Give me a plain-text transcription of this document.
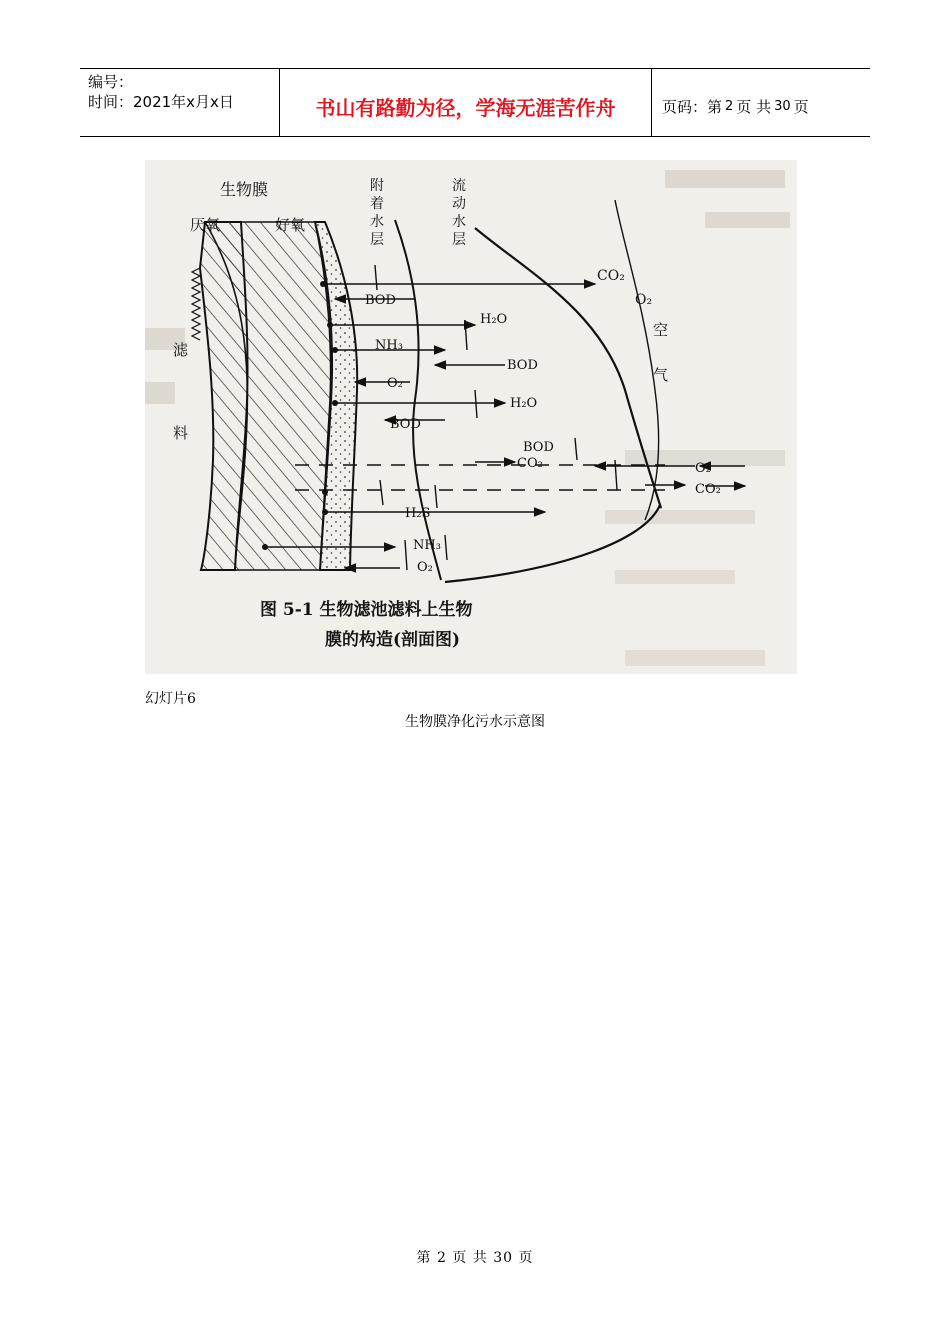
编号：
时间：2021年x月x日	书山有路勤为径，学海无涯苦作舟	页码：第 2 页 共 30 页
生物膜
厌氧	好氧
附
着
水
层
流
动
水
层
滤
料
空
气
CO₂
O₂
BOD
H₂O
NH₃
BOD
O₂
H₂O
BOD
BOD
CO₂	O₂
CO₂
H₂S
NH₃
O₂
图 5-1 生物滤池滤料上生物
膜的构造(剖面图)
幻灯片6
生物膜净化污水示意图
第 2 页 共 30 页
